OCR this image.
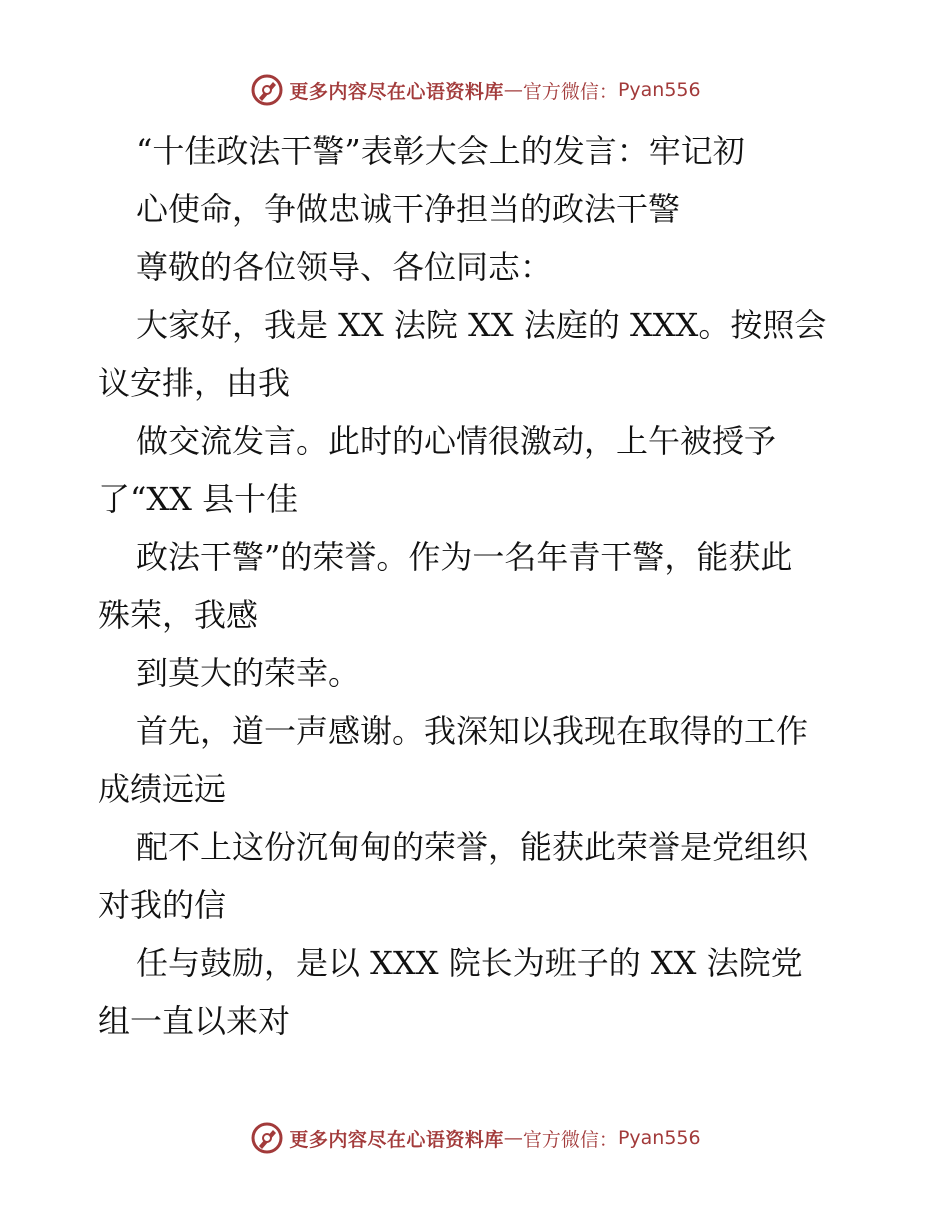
更多内容尽在心语资料库 — 官方微信： Pyan556
“十佳政法干警”表彰大会上的发言：牢记初
心使命，争做忠诚干净担当的政法干警
尊敬的各位领导、各位同志：
大家好，我是 XX 法院 XX 法庭的 XXX。按照会
议安排，由我
做交流发言。此时的心情很激动，上午被授予
了“XX 县十佳
政法干警”的荣誉。作为一名年青干警，能获此
殊荣，我感
到莫大的荣幸。
首先，道一声感谢。我深知以我现在取得的工作
成绩远远
配不上这份沉甸甸的荣誉，能获此荣誉是党组织
对我的信
任与鼓励，是以 XXX 院长为班子的 XX 法院党
组一直以来对
更多内容尽在心语资料库 — 官方微信： Pyan556
